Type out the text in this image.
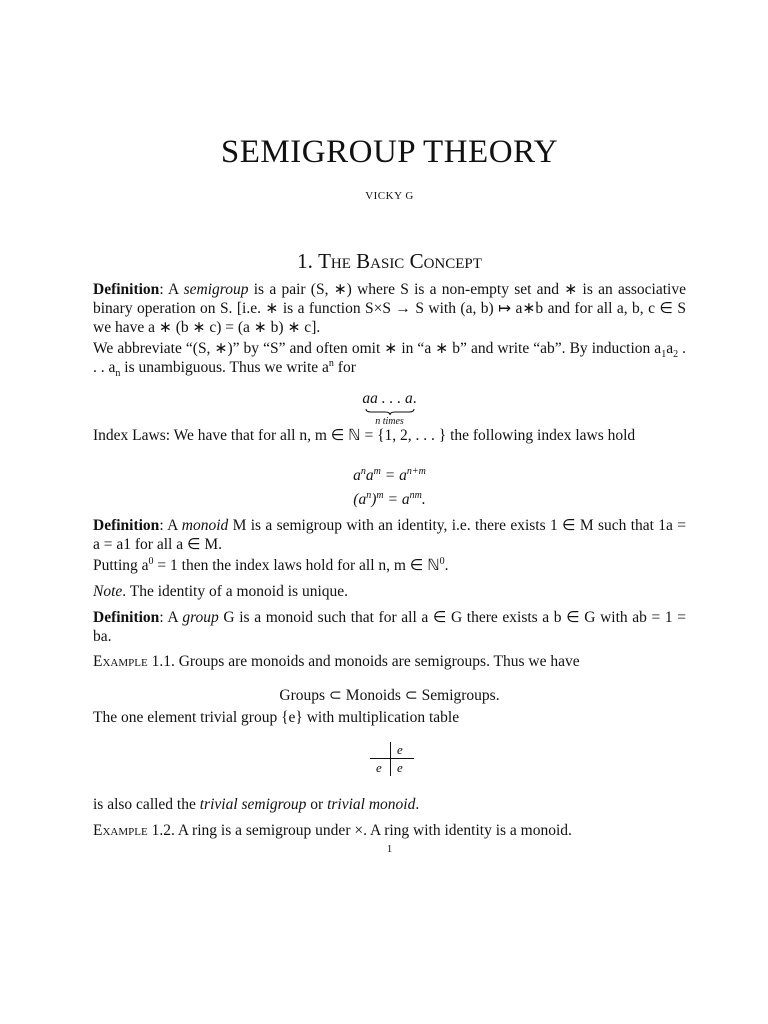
SEMIGROUP THEORY
VICKY G
1. The Basic Concept

Definition: A semigroup is a pair (S, ∗) where S is a non-empty set and ∗ is an associative binary operation on S. [i.e. ∗ is a function S×S → S with (a, b) ↦ a∗b and for all a, b, c ∈ S we have a ∗ (b ∗ c) = (a ∗ b) ∗ c].

We abbreviate “(S, ∗)” by “S” and often omit ∗ in “a ∗ b” and write “ab”. By induction $a_1a_2$ . . . $a_n$ is unambiguous. Thus we write $a^n$ for

aa . . . a.
n times

Index Laws: We have that for all n, m ∈ ℕ = {1, 2, . . . } the following index laws hold

$a^na^m = a^{n+m}$

$(a^n)^m = a^{nm}$.

Definition: A monoid M is a semigroup with an identity, i.e. there exists 1 ∈ M such that 1a = a = a1 for all a ∈ M.

Putting $a^0 = 1$ then the index laws hold for all n, m ∈ ℕ$^0$.

Note. The identity of a monoid is unique.

Definition: A group G is a monoid such that for all a ∈ G there exists a b ∈ G with ab = 1 = ba.

Example 1.1. Groups are monoids and monoids are semigroups. Thus we have

Groups ⊂ Monoids ⊂ Semigroups.

The one element trivial group {e} with multiplication table

e
e e

is also called the trivial semigroup or trivial monoid.

Example 1.2. A ring is a semigroup under ×. A ring with identity is a monoid.

1
